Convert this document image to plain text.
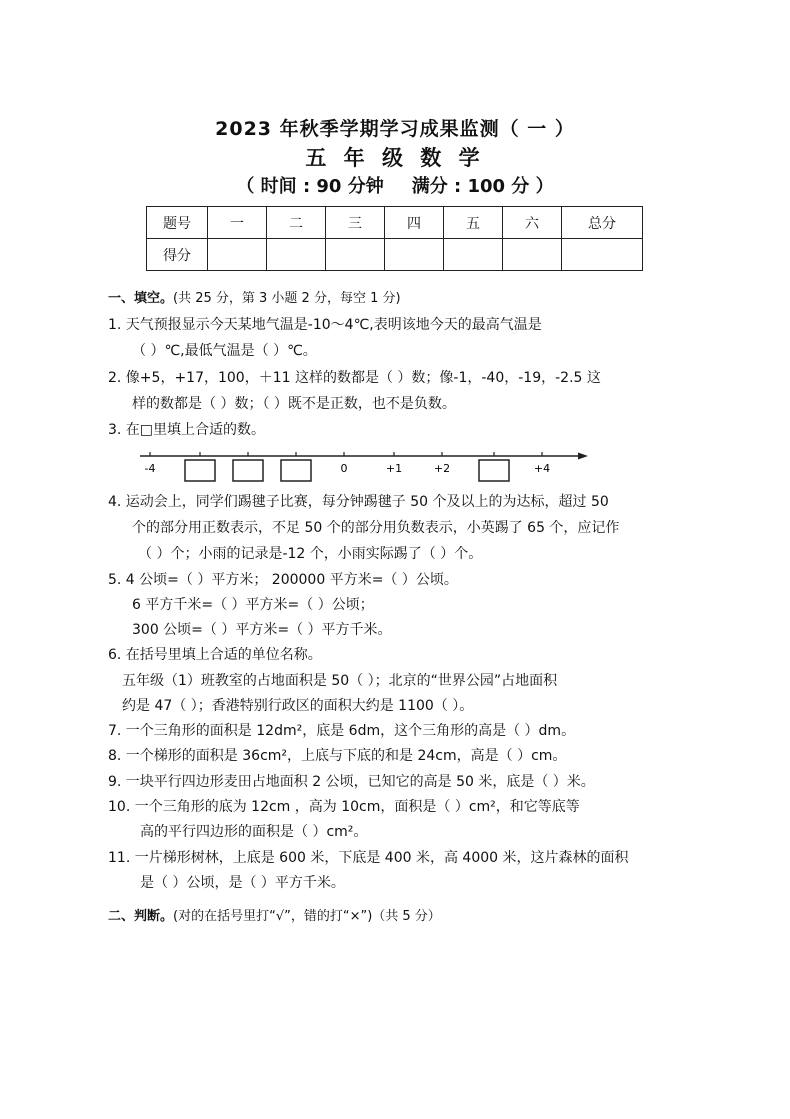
2023 年秋季学期学习成果监测（ 一 ）
五 年 级 数 学
（ 时间 : 90 分钟 满分 : 100 分 ）
题号	一	二	三	四	五	六	总分
得分							
一、填空。(共 25 分，第 3 小题 2 分，每空 1 分)
1. 天气预报显示今天某地气温是-10～4℃,表明该地今天的最高气温是
（ ）℃,最低气温是（ ）℃。
2. 像+5，+17，100，＋11 这样的数都是（ ）数；像-1，-40，-19，-2.5 这
样的数都是（ ）数；（ ）既不是正数，也不是负数。
3. 在□里填上合适的数。
-4	0	+1	+2	+4
4. 运动会上，同学们踢毽子比赛，每分钟踢毽子 50 个及以上的为达标，超过 50
个的部分用正数表示，不足 50 个的部分用负数表示，小英踢了 65 个，应记作
（ ）个；小雨的记录是-12 个，小雨实际踢了（ ）个。
5. 4 公顷=（ ）平方米； 200000 平方米=（ ）公顷。
6 平方千米=（ ）平方米=（ ）公顷；
300 公顷=（ ）平方米=（ ）平方千米。
6. 在括号里填上合适的单位名称。
五年级（1）班教室的占地面积是 50（ ）；北京的“世界公园”占地面积
约是 47（ ）；香港特别行政区的面积大约是 1100（ ）。
7. 一个三角形的面积是 12dm²，底是 6dm，这个三角形的高是（ ）dm。
8. 一个梯形的面积是 36cm²，上底与下底的和是 24cm，高是（ ）cm。
9. 一块平行四边形麦田占地面积 2 公顷，已知它的高是 50 米，底是（ ）米。
10. 一个三角形的底为 12cm ，高为 10cm，面积是（ ）cm²，和它等底等
高的平行四边形的面积是（ ）cm²。
11. 一片梯形树林，上底是 600 米，下底是 400 米，高 4000 米，这片森林的面积
是（ ）公顷，是（ ）平方千米。
二、判断。(对的在括号里打“√”，错的打“×”)（共 5 分）
